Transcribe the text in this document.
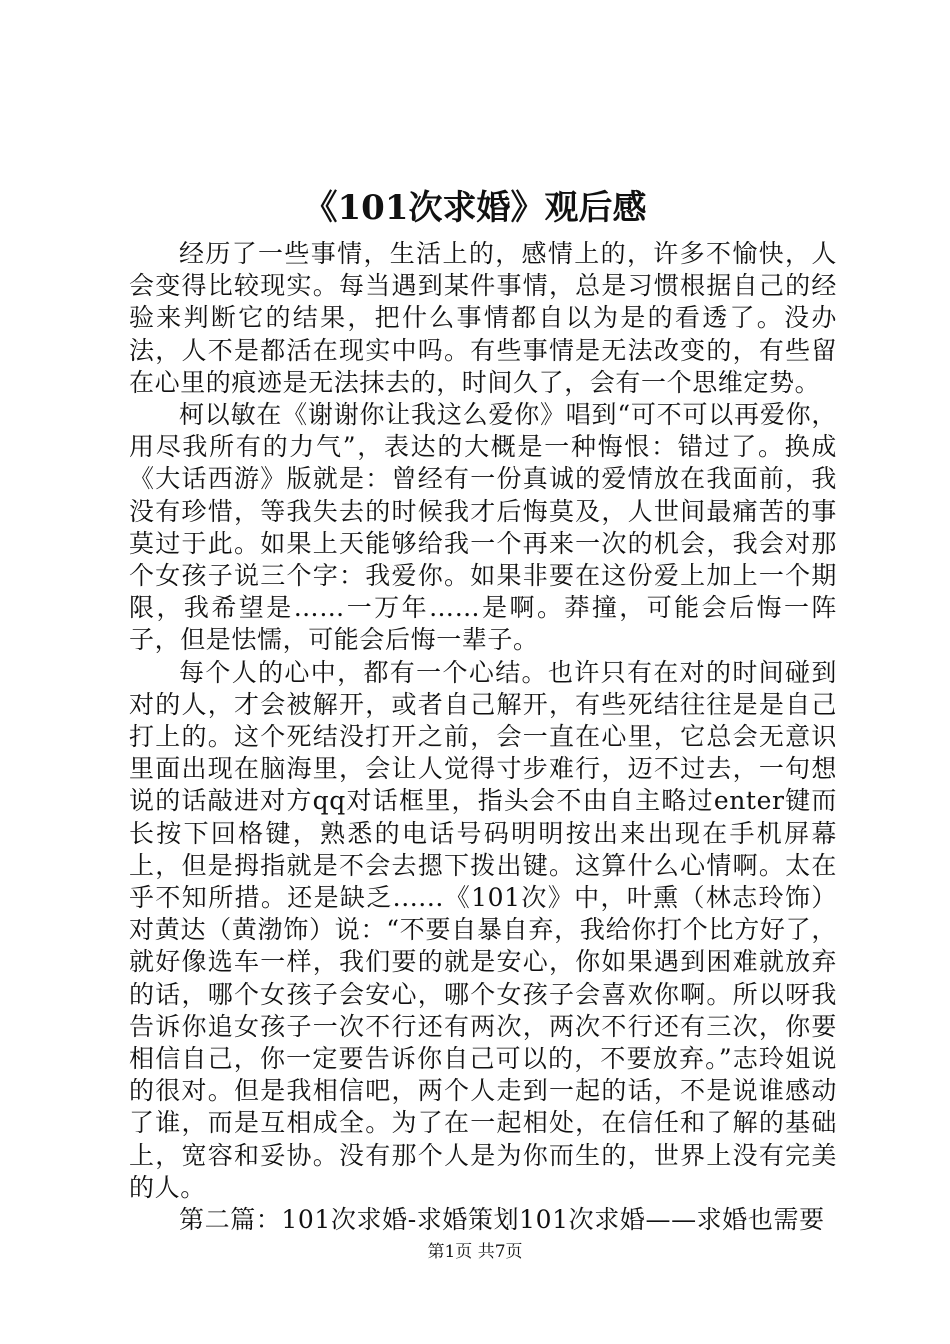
《101次求婚》观后感

经历了一些事情，生活上的，感情上的，许多不愉快，人会变得比较现实。每当遇到某件事情，总是习惯根据自己的经验来判断它的结果，把什么事情都自以为是的看透了。没办法，人不是都活在现实中吗。有些事情是无法改变的，有些留在心里的痕迹是无法抹去的，时间久了，会有一个思维定势。

柯以敏在《谢谢你让我这么爱你》唱到“可不可以再爱你，用尽我所有的力气”，表达的大概是一种悔恨：错过了。换成《大话西游》版就是：曾经有一份真诚的爱情放在我面前，我没有珍惜，等我失去的时候我才后悔莫及，人世间最痛苦的事莫过于此。如果上天能够给我一个再来一次的机会，我会对那个女孩子说三个字：我爱你。如果非要在这份爱上加上一个期限，我希望是……一万年……是啊。莽撞，可能会后悔一阵子，但是怯懦，可能会后悔一辈子。

每个人的心中，都有一个心结。也许只有在对的时间碰到对的人，才会被解开，或者自己解开，有些死结往往是是自己打上的。这个死结没打开之前，会一直在心里，它总会无意识里面出现在脑海里，会让人觉得寸步难行，迈不过去，一句想说的话敲进对方qq对话框里，指头会不由自主略过enter键而长按下回格键，熟悉的电话号码明明按出来出现在手机屏幕上，但是拇指就是不会去摁下拨出键。这算什么心情啊。太在乎不知所措。还是缺乏......《101次》中，叶熏（林志玲饰）对黄达（黄渤饰）说：“不要自暴自弃，我给你打个比方好了，就好像选车一样，我们要的就是安心，你如果遇到困难就放弃的话，哪个女孩子会安心，哪个女孩子会喜欢你啊。所以呀我告诉你追女孩子一次不行还有两次，两次不行还有三次，你要相信自己，你一定要告诉你自己可以的，不要放弃。”志玲姐说的很对。但是我相信吧，两个人走到一起的话，不是说谁感动了谁，而是互相成全。为了在一起相处，在信任和了解的基础上，宽容和妥协。没有那个人是为你而生的，世界上没有完美的人。

第二篇：101次求婚-求婚策划101次求婚——求婚也需要

第1页 共7页
